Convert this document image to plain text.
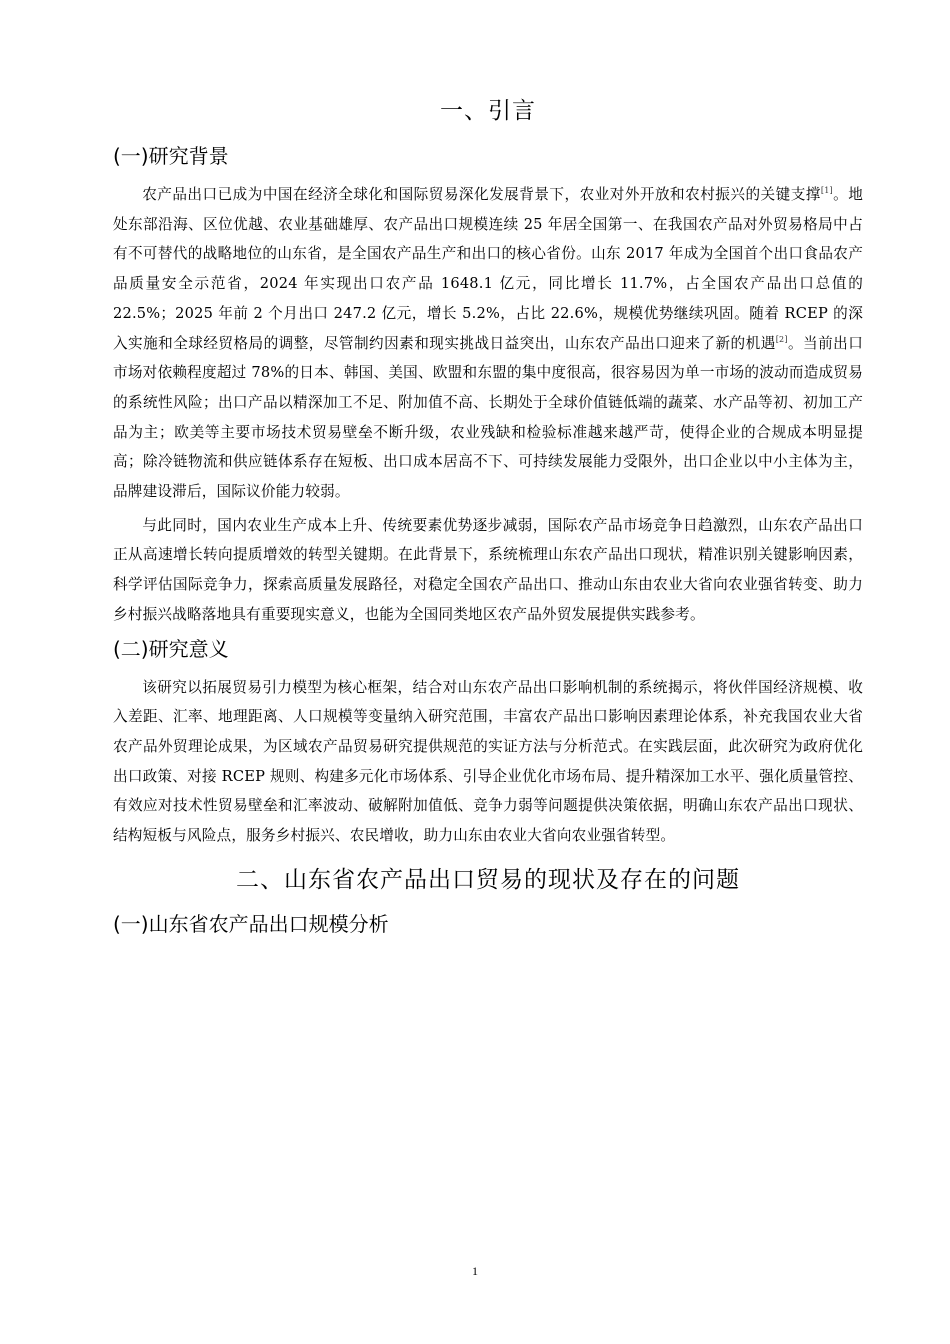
一、引言
(一)研究背景

农产品出口已成为中国在经济全球化和国际贸易深化发展背景下，农业对外开放和农村振兴的关键支撑[1]。地处东部沿海、区位优越、农业基础雄厚、农产品出口规模连续 25 年居全国第一、在我国农产品对外贸易格局中占有不可替代的战略地位的山东省，是全国农产品生产和出口的核心省份。山东 2017 年成为全国首个出口食品农产品质量安全示范省，2024 年实现出口农产品 1648.1 亿元，同比增长 11.7%，占全国农产品出口总值的 22.5%；2025 年前 2 个月出口 247.2 亿元，增长 5.2%，占比 22.6%，规模优势继续巩固。随着 RCEP 的深入实施和全球经贸格局的调整，尽管制约因素和现实挑战日益突出，山东农产品出口迎来了新的机遇[2]。当前出口市场对依赖程度超过 78%的日本、韩国、美国、欧盟和东盟的集中度很高，很容易因为单一市场的波动而造成贸易的系统性风险；出口产品以精深加工不足、附加值不高、长期处于全球价值链低端的蔬菜、水产品等初、初加工产品为主；欧美等主要市场技术贸易壁垒不断升级，农业残缺和检验标准越来越严苛，使得企业的合规成本明显提高；除冷链物流和供应链体系存在短板、出口成本居高不下、可持续发展能力受限外，出口企业以中小主体为主，品牌建设滞后，国际议价能力较弱。

与此同时，国内农业生产成本上升、传统要素优势逐步减弱，国际农产品市场竞争日趋激烈，山东农产品出口正从高速增长转向提质增效的转型关键期。在此背景下，系统梳理山东农产品出口现状，精准识别关键影响因素，科学评估国际竞争力，探索高质量发展路径，对稳定全国农产品出口、推动山东由农业大省向农业强省转变、助力乡村振兴战略落地具有重要现实意义，也能为全国同类地区农产品外贸发展提供实践参考。

(二)研究意义

该研究以拓展贸易引力模型为核心框架，结合对山东农产品出口影响机制的系统揭示，将伙伴国经济规模、收入差距、汇率、地理距离、人口规模等变量纳入研究范围，丰富农产品出口影响因素理论体系，补充我国农业大省农产品外贸理论成果，为区域农产品贸易研究提供规范的实证方法与分析范式。在实践层面，此次研究为政府优化出口政策、对接 RCEP 规则、构建多元化市场体系、引导企业优化市场布局、提升精深加工水平、强化质量管控、有效应对技术性贸易壁垒和汇率波动、破解附加值低、竞争力弱等问题提供决策依据，明确山东农产品出口现状、结构短板与风险点，服务乡村振兴、农民增收，助力山东由农业大省向农业强省转型。

二、山东省农产品出口贸易的现状及存在的问题
(一)山东省农产品出口规模分析
1
